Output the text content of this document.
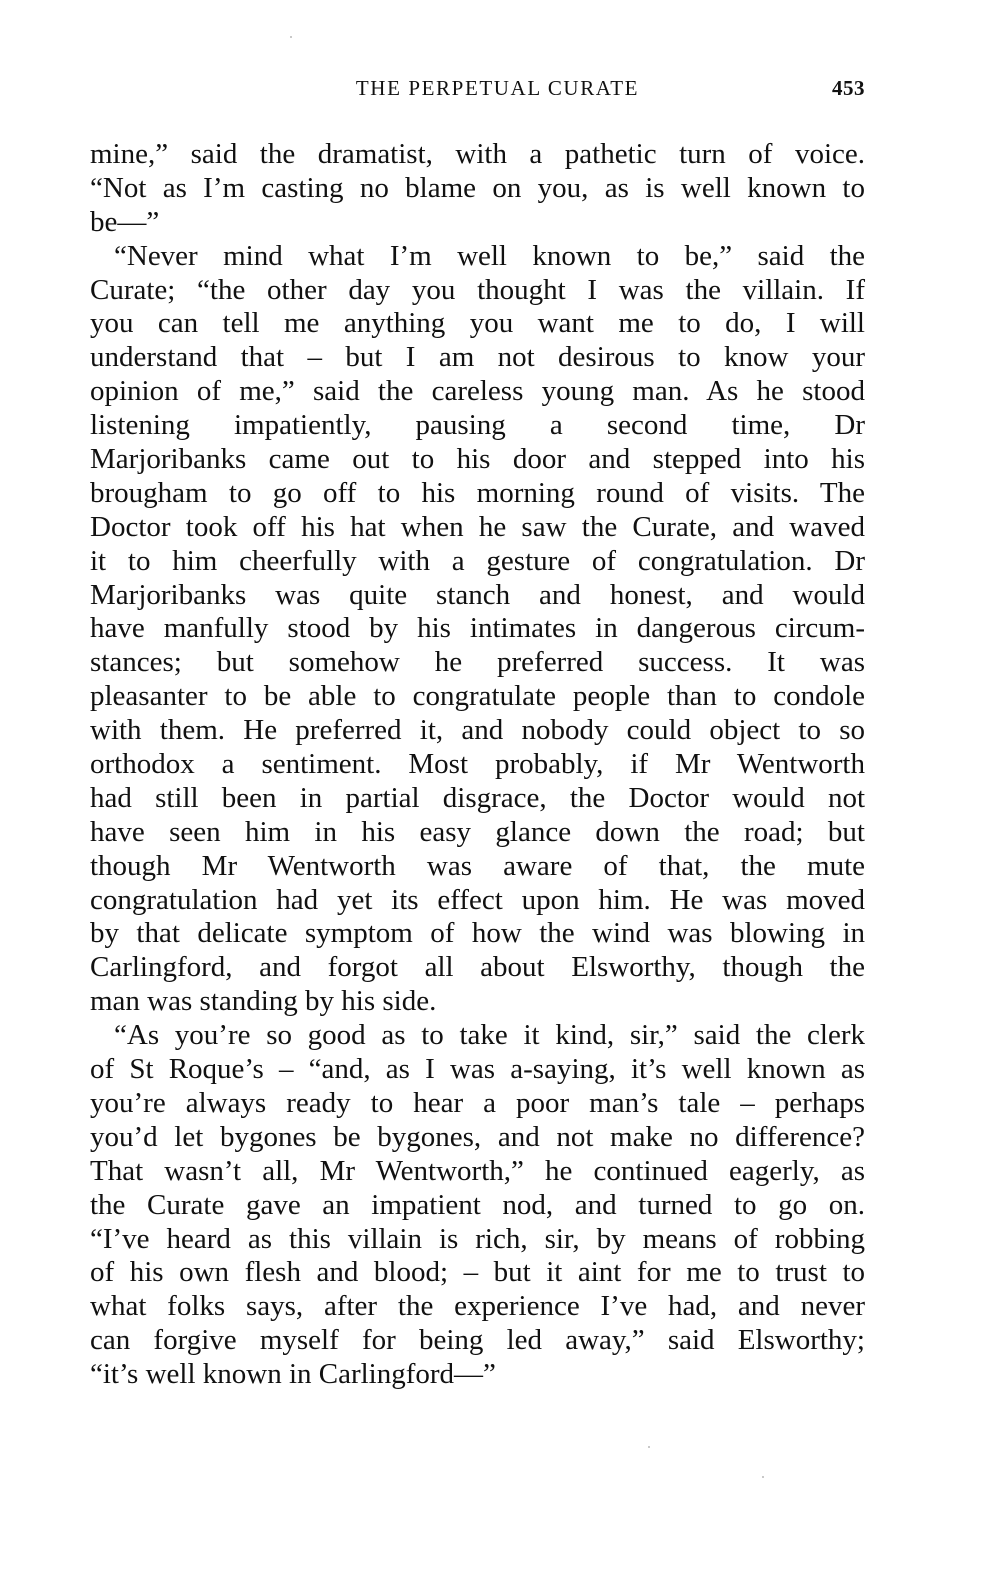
THE PERPETUAL CURATE	453
mine,” said the dramatist, with a pathetic turn of voice.
“Not as I’m casting no blame on you, as is well known to
be—”
“Never mind what I’m well known to be,” said the
Curate; “the other day you thought I was the villain. If
you can tell me anything you want me to do, I will
understand that – but I am not desirous to know your
opinion of me,” said the careless young man. As he stood
listening impatiently, pausing a second time, Dr
Marjoribanks came out to his door and stepped into his
brougham to go off to his morning round of visits. The
Doctor took off his hat when he saw the Curate, and waved
it to him cheerfully with a gesture of congratulation. Dr
Marjoribanks was quite stanch and honest, and would
have manfully stood by his intimates in dangerous circum-
stances; but somehow he preferred success. It was
pleasanter to be able to congratulate people than to condole
with them. He preferred it, and nobody could object to so
orthodox a sentiment. Most probably, if Mr Wentworth
had still been in partial disgrace, the Doctor would not
have seen him in his easy glance down the road; but
though Mr Wentworth was aware of that, the mute
congratulation had yet its effect upon him. He was moved
by that delicate symptom of how the wind was blowing in
Carlingford, and forgot all about Elsworthy, though the
man was standing by his side.
“As you’re so good as to take it kind, sir,” said the clerk
of St Roque’s – “and, as I was a-saying, it’s well known as
you’re always ready to hear a poor man’s tale – perhaps
you’d let bygones be bygones, and not make no difference?
That wasn’t all, Mr Wentworth,” he continued eagerly, as
the Curate gave an impatient nod, and turned to go on.
“I’ve heard as this villain is rich, sir, by means of robbing
of his own flesh and blood; – but it aint for me to trust to
what folks says, after the experience I’ve had, and never
can forgive myself for being led away,” said Elsworthy;
“it’s well known in Carlingford—”
